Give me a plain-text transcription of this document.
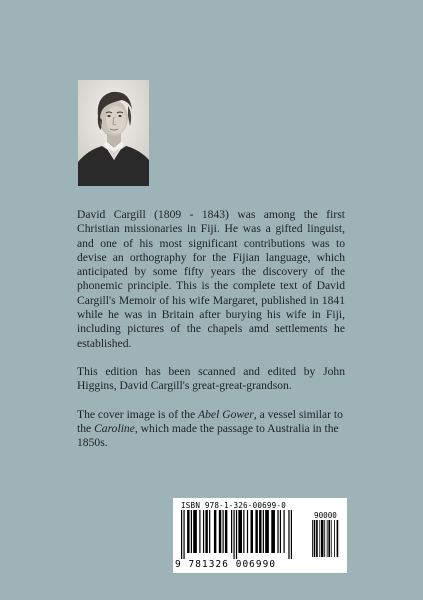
David Cargill (1809 - 1843) was among the first Christian missionaries in Fiji. He was a gifted linguist, and one of his most significant contributions was to devise an orthography for the Fijian language, which anticipated by some fifty years the discovery of the phonemic principle. This is the complete text of David Cargill's Memoir of his wife Margaret, published in 1841 while he was in Britain after burying his wife in Fiji, including pictures of the chapels amd settlements he established.

This edition has been scanned and edited by John Higgins, David Cargill's great-great-grandson.

The cover image is of the Abel Gower, a vessel similar to the Caroline, which made the passage to Australia in the 1850s.

ISBN 978-1-326-00699-0
90000
9 781326 006990
